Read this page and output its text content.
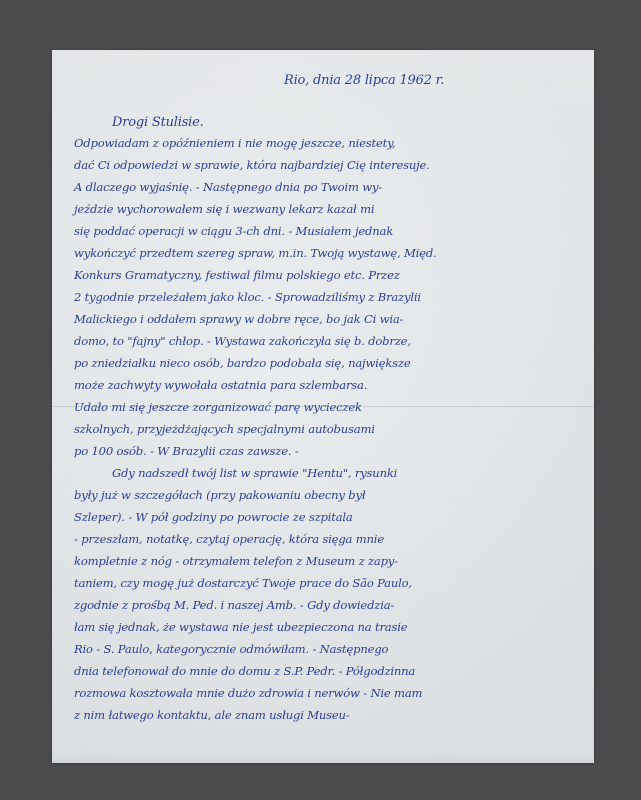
Rio, dnia 28 lipca 1962 r.
Drogi Stulisie.
Odpowiadam z opóźnieniem i nie mogę jeszcze, niestety,
dać Ci odpowiedzi w sprawie, która najbardziej Cię interesuje.
A dlaczego wyjaśnię. - Następnego dnia po Twoim wy-
jeździe wychorowałem się i wezwany lekarz kazał mi
się poddać operacji w ciągu 3-ch dni. - Musiałem jednak
wykończyć przedtem szereg spraw, m.in. Twoją wystawę, Międ.
Konkurs Gramatyczny, festiwal filmu polskiego etc. Przez
2 tygodnie przeleżałem jako kloc. - Sprowadziliśmy z Brazylii
Malickiego i oddałem sprawy w dobre ręce, bo jak Ci wia-
domo, to "fajny" chłop. - Wystawa zakończyła się b. dobrze,
po zniedziałku nieco osób, bardzo podobała się, największe
może zachwyty wywołała ostatnia para szlembarsa.
Udało mi się jeszcze zorganizować parę wycieczek
szkolnych, przyjeżdżających specjalnymi autobusami
po 100 osób. - W Brazylii czas zawsze. -
Gdy nadszedł twój list w sprawie "Hentu", rysunki
były już w szczegółach (przy pakowaniu obecny był
Szleper). - W pół godziny po powrocie ze szpitala
- przeszłam, notatkę, czytaj operację, która sięga mnie
kompletnie z nóg - otrzymałem telefon z Museum z zapy-
taniem, czy mogę już dostarczyć Twoje prace do São Paulo,
zgodnie z prośbą M. Ped. i naszej Amb. - Gdy dowiedzia-
łam się jednak, że wystawa nie jest ubezpieczona na trasie
Rio - S. Paulo, kategorycznie odmówiłam. - Następnego
dnia telefonował do mnie do domu z S.P. Pedr. - Półgodzinna
rozmowa kosztowała mnie dużo zdrowia i nerwów - Nie mam
z nim łatwego kontaktu, ale znam usługi Museu-
